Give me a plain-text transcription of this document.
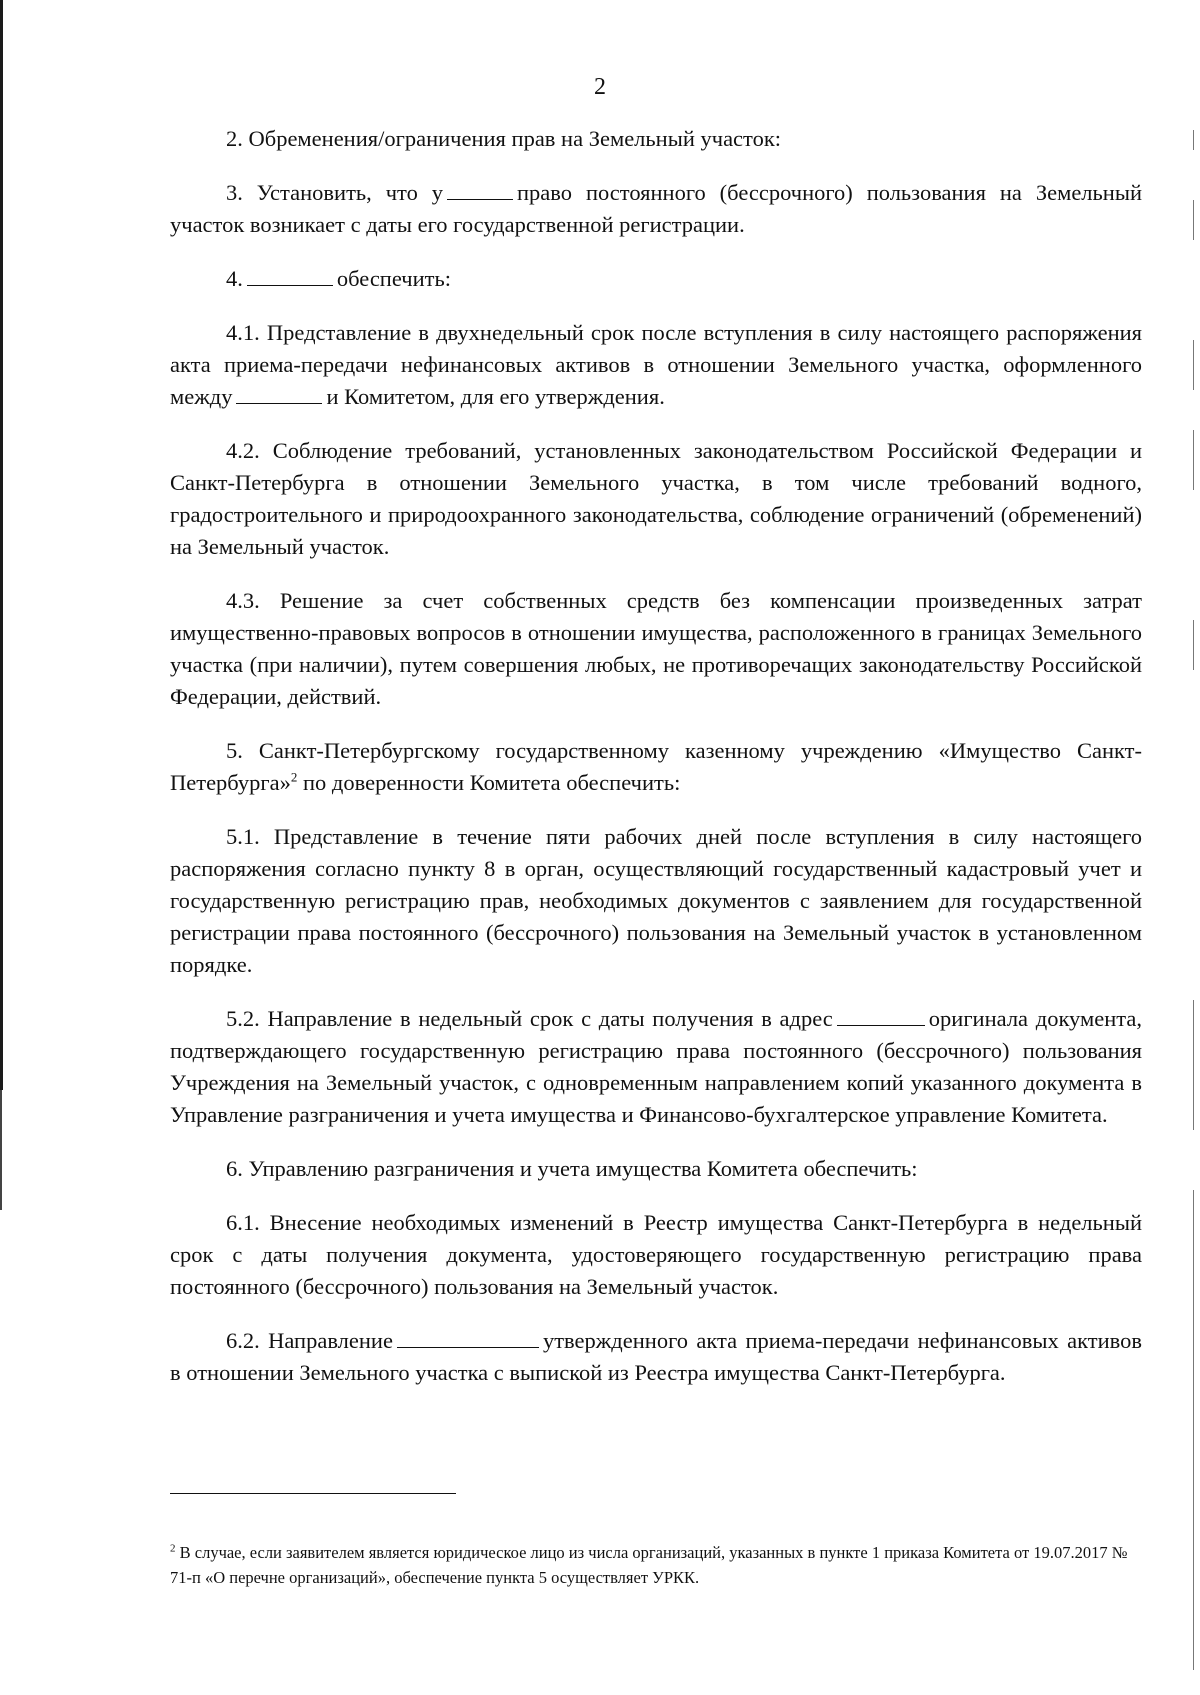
2

2. Обременения/ограничения прав на Земельный участок:

3. Установить, что у	право постоянного (бессрочного) пользования на Земельный участок возникает с даты его государственной регистрации.

4.	обеспечить:

4.1. Представление в двухнедельный срок после вступления в силу настоящего распоряжения акта приема-передачи нефинансовых активов в отношении Земельного участка, оформленного между	и Комитетом, для его утверждения.

4.2. Соблюдение требований, установленных законодательством Российской Федерации и Санкт-Петербурга в отношении Земельного участка, в том числе требований водного, градостроительного и природоохранного законодательства, соблюдение ограничений (обременений) на Земельный участок.

4.3. Решение за счет собственных средств без компенсации произведенных затрат имущественно-правовых вопросов в отношении имущества, расположенного в границах Земельного участка (при наличии), путем совершения любых, не противоречащих законодательству Российской Федерации, действий.

5. Санкт-Петербургскому государственному казенному учреждению «Имущество Санкт-Петербурга»$^2$ по доверенности Комитета обеспечить:

5.1. Представление в течение пяти рабочих дней после вступления в силу настоящего распоряжения согласно пункту 8 в орган, осуществляющий государственный кадастровый учет и государственную регистрацию прав, необходимых документов с заявлением для государственной регистрации права постоянного (бессрочного) пользования на Земельный участок в установленном порядке.

5.2. Направление в недельный срок с даты получения в адрес	оригинала документа, подтверждающего государственную регистрацию права постоянного (бессрочного) пользования Учреждения на Земельный участок, с одновременным направлением копий указанного документа в Управление разграничения и учета имущества и Финансово-бухгалтерское управление Комитета.

6. Управлению разграничения и учета имущества Комитета обеспечить:

6.1. Внесение необходимых изменений в Реестр имущества Санкт-Петербурга в недельный срок с даты получения документа, удостоверяющего государственную регистрацию права постоянного (бессрочного) пользования на Земельный участок.

6.2. Направление	утвержденного акта приема-передачи нефинансовых активов в отношении Земельного участка с выпиской из Реестра имущества Санкт-Петербурга.

$^2$ В случае, если заявителем является юридическое лицо из числа организаций, указанных в пункте 1 приказа Комитета от 19.07.2017 № 71-п «О перечне организаций», обеспечение пункта 5 осуществляет УРКК.
